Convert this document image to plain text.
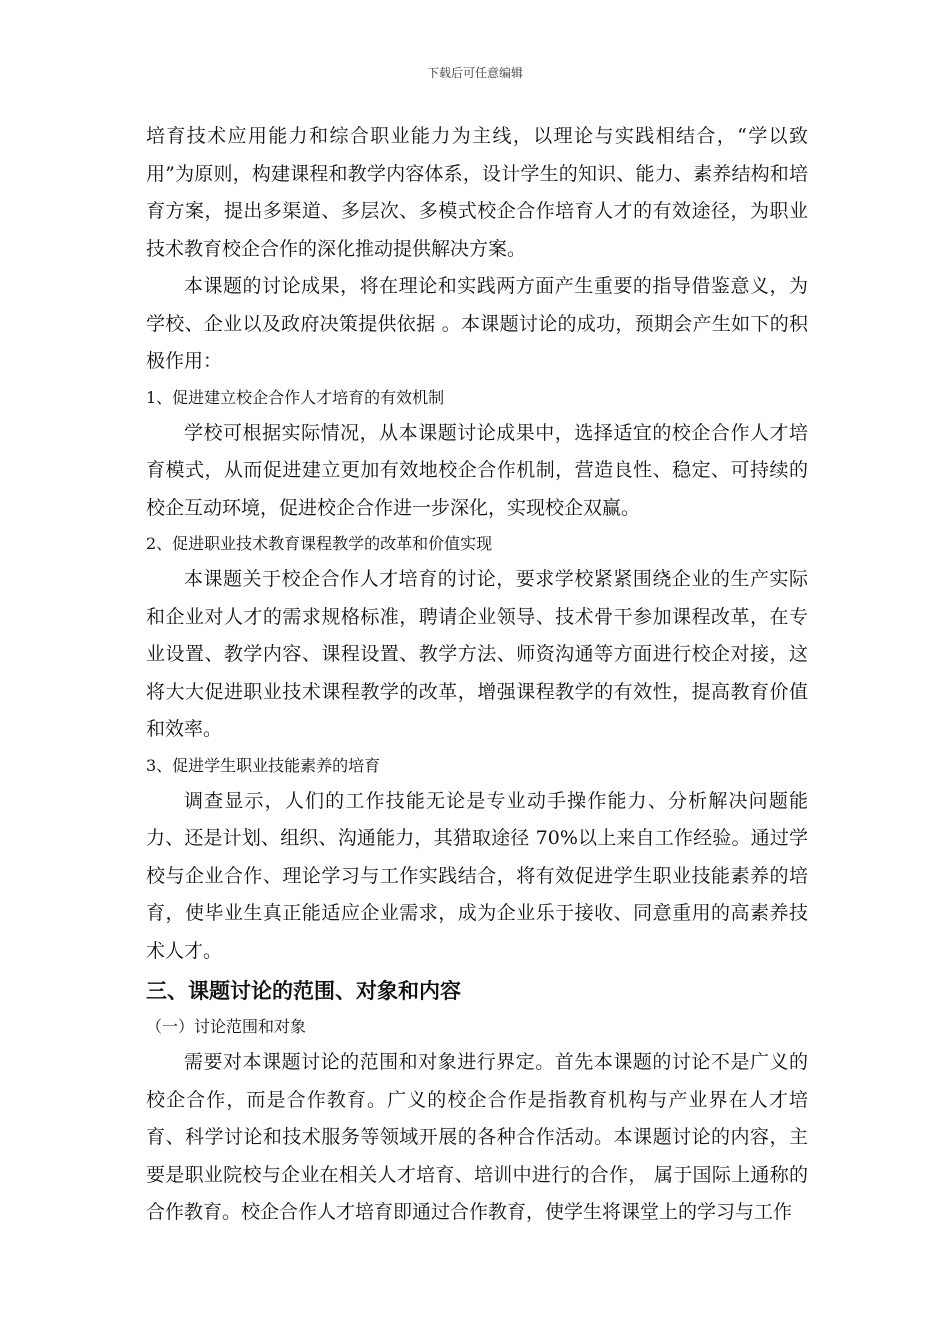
下载后可任意编辑

培育技术应用能力和综合职业能力为主线，以理论与实践相结合，“学以致用”为原则，构建课程和教学内容体系，设计学生的知识、能力、素养结构和培育方案，提出多渠道、多层次、多模式校企合作培育人才的有效途径，为职业技术教育校企合作的深化推动提供解决方案。

本课题的讨论成果，将在理论和实践两方面产生重要的指导借鉴意义，为学校、企业以及政府决策提供依据 。本课题讨论的成功，预期会产生如下的积极作用：

1、促进建立校企合作人才培育的有效机制

学校可根据实际情况，从本课题讨论成果中，选择适宜的校企合作人才培育模式，从而促进建立更加有效地校企合作机制，营造良性、稳定、可持续的校企互动环境，促进校企合作进一步深化，实现校企双赢。

2、促进职业技术教育课程教学的改革和价值实现

本课题关于校企合作人才培育的讨论，要求学校紧紧围绕企业的生产实际和企业对人才的需求规格标准，聘请企业领导、技术骨干参加课程改革，在专业设置、教学内容、课程设置、教学方法、师资沟通等方面进行校企对接，这将大大促进职业技术课程教学的改革，增强课程教学的有效性，提高教育价值和效率。

3、促进学生职业技能素养的培育

调查显示，人们的工作技能无论是专业动手操作能力、分析解决问题能力、还是计划、组织、沟通能力，其猎取途径 70%以上来自工作经验。通过学校与企业合作、理论学习与工作实践结合，将有效促进学生职业技能素养的培育，使毕业生真正能适应企业需求，成为企业乐于接收、同意重用的高素养技术人才。

三、课题讨论的范围、对象和内容

（一）讨论范围和对象

需要对本课题讨论的范围和对象进行界定。首先本课题的讨论不是广义的校企合作，而是合作教育。广义的校企合作是指教育机构与产业界在人才培育、科学讨论和技术服务等领域开展的各种合作活动。本课题讨论的内容，主要是职业院校与企业在相关人才培育、培训中进行的合作， 属于国际上通称的合作教育。校企合作人才培育即通过合作教育，使学生将课堂上的学习与工作
